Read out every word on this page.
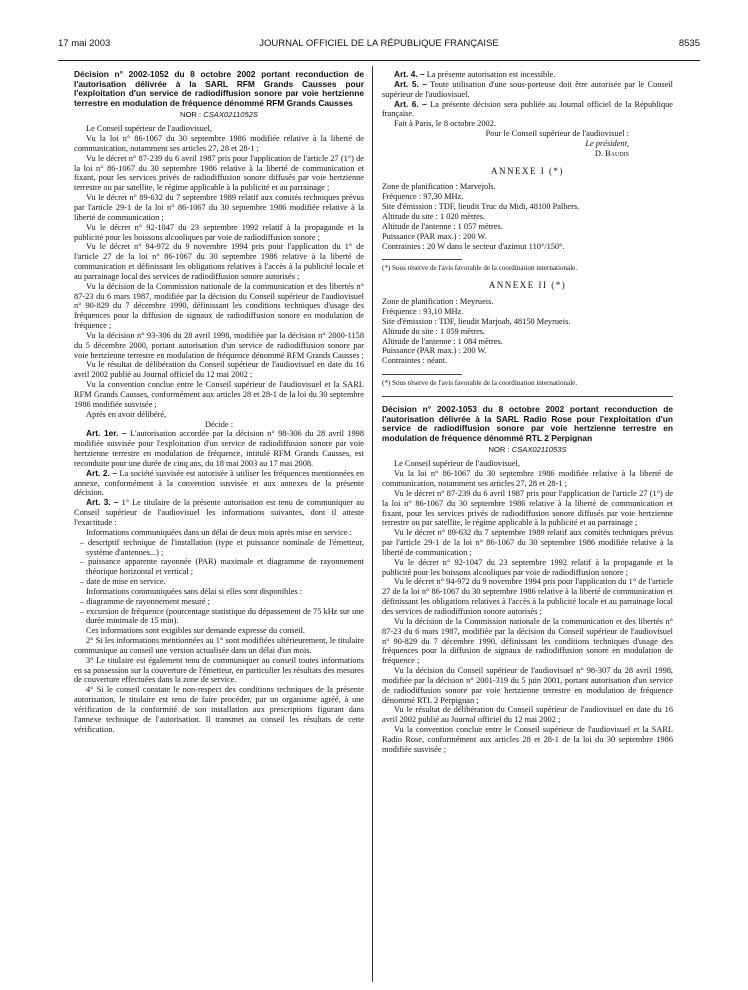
17 mai 2003	JOURNAL OFFICIEL DE LA RÉPUBLIQUE FRANÇAISE	8535

Décision n° 2002-1052 du 8 octobre 2002 portant reconduction de l'autorisation délivrée à la SARL RFM Grands Causses pour l'exploitation d'un service de radiodiffusion sonore par voie hertzienne terrestre en modulation de fréquence dénommé RFM Grands Causses

NOR : CSAX0211052S

Le Conseil supérieur de l'audiovisuel,

Vu la loi n° 86-1067 du 30 septembre 1986 modifiée relative à la liberté de communication, notamment ses articles 27, 28 et 28-1 ;

Vu le décret n° 87-239 du 6 avril 1987 pris pour l'application de l'article 27 (1°) de la loi n° 86-1067 du 30 septembre 1986 relative à la liberté de communication et fixant, pour les services privés de radiodiffusion sonore diffusés par voie hertzienne terrestre ou par satellite, le régime applicable à la publicité et au parrainage ;

Vu le décret n° 89-632 du 7 septembre 1989 relatif aux comités techniques prévus par l'article 29-1 de la loi n° 86-1067 du 30 septembre 1986 modifiée relative à la liberté de communication ;

Vu le décret n° 92-1047 du 23 septembre 1992 relatif à la propagande et la publicité pour les boissons alcooliques par voie de radiodiffusion sonore ;

Vu le décret n° 94-972 du 9 novembre 1994 pris pour l'application du 1° de l'article 27 de la loi n° 86-1067 du 30 septembre 1986 relative à la liberté de communication et définissant les obligations relatives à l'accès à la publicité locale et au parrainage local des services de radiodiffusion sonore autorisés ;

Vu la décision de la Commission nationale de la communication et des libertés n° 87-23 du 6 mars 1987, modifiée par la décision du Conseil supérieur de l'audiovisuel n° 90-829 du 7 décembre 1990, définissant les conditions techniques d'usage des fréquences pour la diffusion de signaux de radiodiffusion sonore en modulation de fréquence ;

Vu la décision n° 93-306 du 28 avril 1998, modifiée par la décision n° 2000-1158 du 5 décembre 2000, portant autorisation d'un service de radiodiffusion sonore par voie hertzienne terrestre en modulation de fréquence dénommé RFM Grands Causses ;

Vu le résultat de délibération du Conseil supérieur de l'audiovisuel en date du 16 avril 2002 publié au Journal officiel du 12 mai 2002 ;

Vu la convention conclue entre le Conseil supérieur de l'audiovisuel et la SARL RFM Grands Causses, conformément aux articles 28 et 28-1 de la loi du 30 septembre 1986 modifiée susvisée ;

Après en avoir délibéré,

Décide :

Art. 1er. – L'autorisation accordée par la décision n° 98-306 du 28 avril 1998 modifiée susvisée pour l'exploitation d'un service de radiodiffusion sonore par voie hertzienne terrestre en modulation de fréquence, intitulé RFM Grands Causses, est reconduite pour une durée de cinq ans, du 18 mai 2003 au 17 mai 2008.

Art. 2. – La société susvisée est autorisée à utiliser les fréquences mentionnées en annexe, conformément à la convention susvisée et aux annexes de la présente décision.

Art. 3. – 1° Le titulaire de la présente autorisation est tenu de communiquer au Conseil supérieur de l'audiovisuel les informations suivantes, dont il atteste l'exactitude :

Informations communiquées dans un délai de deux mois après mise en service :

– descriptif technique de l'installation (type et puissance nominale de l'émetteur, système d'antennes...) ;

– puissance apparente rayonnée (PAR) maximale et diagramme de rayonnement théorique horizontal et vertical ;

– date de mise en service.

Informations communiquées sans délai si elles sont disponibles :

– diagramme de rayonnement mesuré ;

– excursion de fréquence (pourcentage statistique du dépassement de 75 kHz sur une durée minimale de 15 min).

Ces informations sont exigibles sur demande expresse du conseil.

2° Si les informations mentionnées au 1° sont modifiées ultérieurement, le titulaire communique au conseil une version actualisée dans un délai d'un mois.

3° Le titulaire est également tenu de communiquer au conseil toutes informations en sa possession sur la couverture de l'émetteur, en particulier les résultats des mesures de couverture effectuées dans la zone de service.

4° Si le conseil constate le non-respect des conditions techniques de la présente autorisation, le titulaire est tenu de faire procéder, par un organisme agréé, à une vérification de la conformité de son installation aux prescriptions figurant dans l'annexe technique de l'autorisation. Il transmet au conseil les résultats de cette vérification.

Art. 4. – La présente autorisation est incessible.

Art. 5. – Toute utilisation d'une sous-porteuse doit être autorisée par le Conseil supérieur de l'audiovisuel.

Art. 6. – La présente décision sera publiée au Journal officiel de la République française.

Fait à Paris, le 8 octobre 2002.

Pour le Conseil supérieur de l'audiovisuel :

Le président,

D. Baudis

ANNEXE I (*)

Zone de planification : Marvejols.

Fréquence : 97,30 MHz.

Site d'émission : TDF, lieudit Truc du Midi, 48100 Palhers.

Altitude du site : 1 020 mètres.

Altitude de l'antenne : 1 057 mètres.

Puissance (PAR max.) : 200 W.

Contraintes : 20 W dans le secteur d'azimut 110°/150°.

(*) Sous réserve de l'avis favorable de la coordination internationale.

ANNEXE II (*)

Zone de planification : Meyrueis.

Fréquence : 93,10 MHz.

Site d'émission : TDF, lieudit Marjoab, 48150 Meyrueis.

Altitude du site : 1 059 mètres.

Altitude de l'antenne : 1 084 mètres.

Puissance (PAR max.) : 200 W.

Contraintes : néant.

(*) Sous réserve de l'avis favorable de la coordination internationale.

Décision n° 2002-1053 du 8 octobre 2002 portant reconduction de l'autorisation délivrée à la SARL Radio Rose pour l'exploitation d'un service de radiodiffusion sonore par voie hertzienne terrestre en modulation de fréquence dénommé RTL 2 Perpignan

NOR : CSAX0211053S

Le Conseil supérieur de l'audiovisuel,

Vu la loi n° 86-1067 du 30 septembre 1986 modifiée relative à la liberté de communication, notamment ses articles 27, 28 et 28-1 ;

Vu le décret n° 87-239 du 6 avril 1987 pris pour l'application de l'article 27 (1°) de la loi n° 86-1067 du 30 septembre 1986 relative à la liberté de communication et fixant, pour les services privés de radiodiffusion sonore diffusés par voie hertzienne terrestre ou par satellite, le régime applicable à la publicité et au parrainage ;

Vu le décret n° 89-632 du 7 septembre 1989 relatif aux comités techniques prévus par l'article 29-1 de la loi n° 86-1067 du 30 septembre 1986 modifiée relative à la liberté de communication ;

Vu le décret n° 92-1047 du 23 septembre 1992 relatif à la propagande et la publicité pour les boissons alcooliques par voie de radiodiffusion sonore ;

Vu le décret n° 94-972 du 9 novembre 1994 pris pour l'application du 1° de l'article 27 de la loi n° 86-1067 du 30 septembre 1986 relative à la liberté de communication et définissant les obligations relatives à l'accès à la publicité locale et au parrainage local des services de radiodiffusion sonore autorisés ;

Vu la décision de la Commission nationale de la communication et des libertés n° 87-23 du 6 mars 1987, modifiée par la décision du Conseil supérieur de l'audiovisuel n° 90-829 du 7 décembre 1990, définissant les conditions techniques d'usage des fréquences pour la diffusion de signaux de radiodiffusion sonore en modulation de fréquence ;

Vu la décision du Conseil supérieur de l'audiovisuel n° 98-307 du 28 avril 1998, modifiée par la décision n° 2001-319 du 5 juin 2001, portant autorisation d'un service de radiodiffusion sonore par voie hertzienne terrestre en modulation de fréquence dénommé RTL 2 Perpignan ;

Vu le résultat de délibération du Conseil supérieur de l'audiovisuel en date du 16 avril 2002 publié au Journal officiel du 12 mai 2002 ;

Vu la convention conclue entre le Conseil supérieur de l'audiovisuel et la SARL Radio Rose, conformément aux articles 28 et 28-1 de la loi du 30 septembre 1986 modifiée susvisée ;
